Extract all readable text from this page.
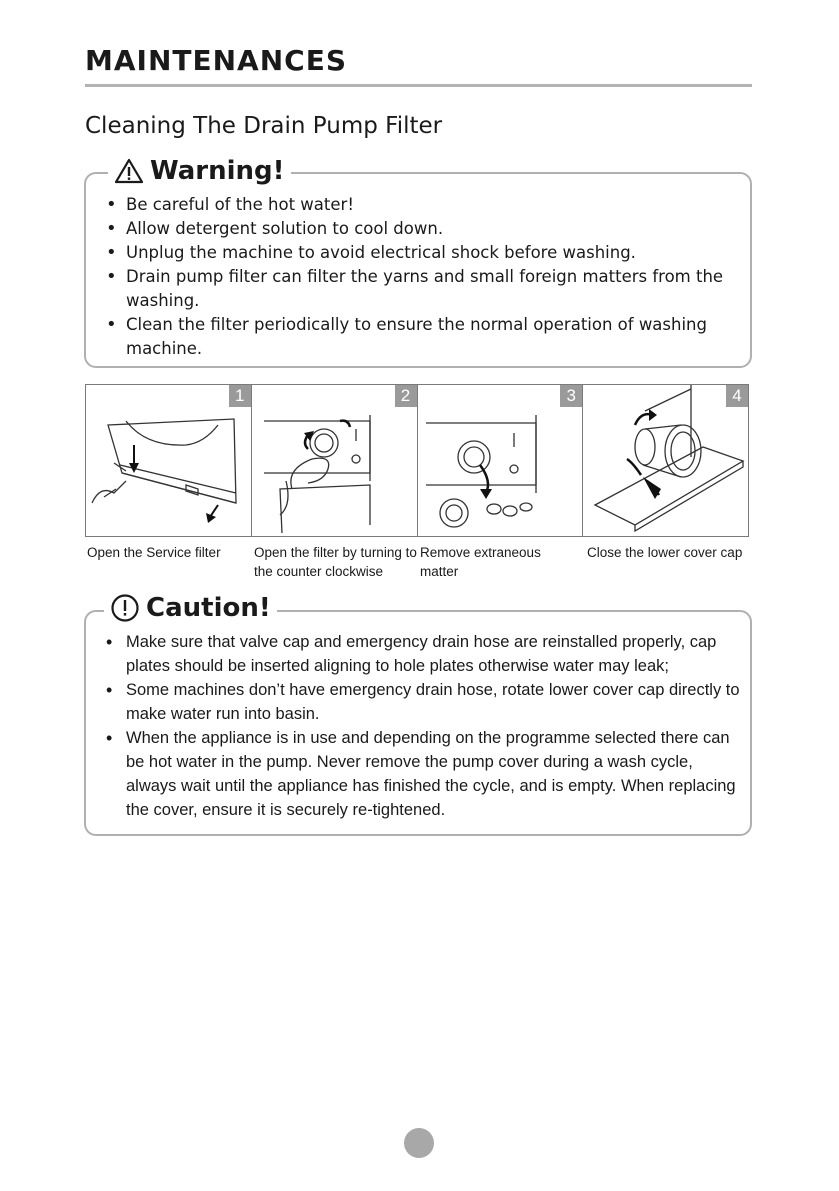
MAINTENANCES
Cleaning The Drain Pump Filter
Warning!
• Be careful of the hot water!
• Allow detergent solution to cool down.
• Unplug the machine to avoid electrical shock before washing.
• Drain pump filter can filter the yarns and small foreign matters from the washing.
• Clean the filter periodically to ensure the normal operation of washing machine.
1	2	3	4
Open the Service filter	Open the filter by turning to the counter clockwise
Remove extraneous matter
Close the lower cover cap
Caution!
• Make sure that valve cap and emergency drain hose are reinstalled properly, cap plates should be inserted aligning to hole plates otherwise water may leak;
• Some machines don’t have emergency drain hose, rotate lower cover cap directly to make water run into basin.
• When the appliance is in use and depending on the programme selected there can be hot water in the pump. Never remove the pump cover during a wash cycle, always wait until the appliance has finished the cycle, and is empty. When replacing the cover, ensure it is securely re-tightened.
